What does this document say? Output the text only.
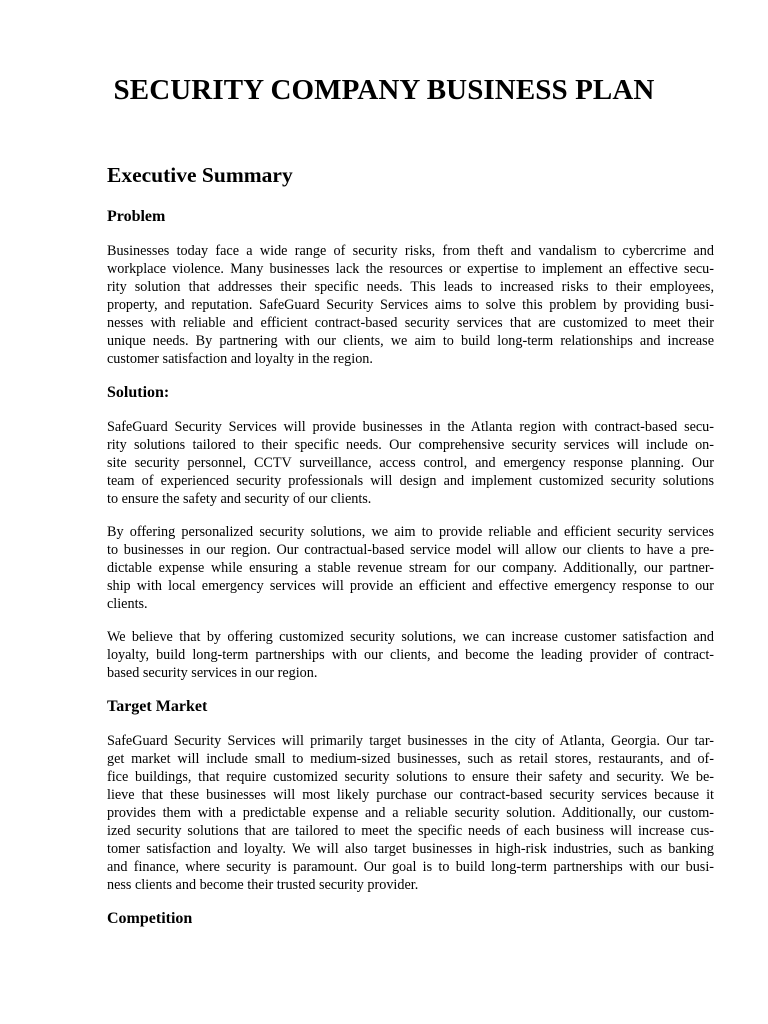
SECURITY COMPANY BUSINESS PLAN
Executive Summary
Problem
Businesses today face a wide range of security risks, from theft and vandalism to cybercrime and
workplace violence. Many businesses lack the resources or expertise to implement an effective secu-
rity solution that addresses their specific needs. This leads to increased risks to their employees,
property, and reputation. SafeGuard Security Services aims to solve this problem by providing busi-
nesses with reliable and efficient contract-based security services that are customized to meet their
unique needs. By partnering with our clients, we aim to build long-term relationships and increase
customer satisfaction and loyalty in the region.
Solution:
SafeGuard Security Services will provide businesses in the Atlanta region with contract-based secu-
rity solutions tailored to their specific needs. Our comprehensive security services will include on-
site security personnel, CCTV surveillance, access control, and emergency response planning. Our
team of experienced security professionals will design and implement customized security solutions
to ensure the safety and security of our clients.
By offering personalized security solutions, we aim to provide reliable and efficient security services
to businesses in our region. Our contractual-based service model will allow our clients to have a pre-
dictable expense while ensuring a stable revenue stream for our company. Additionally, our partner-
ship with local emergency services will provide an efficient and effective emergency response to our
clients.
We believe that by offering customized security solutions, we can increase customer satisfaction and
loyalty, build long-term partnerships with our clients, and become the leading provider of contract-
based security services in our region.
Target Market
SafeGuard Security Services will primarily target businesses in the city of Atlanta, Georgia. Our tar-
get market will include small to medium-sized businesses, such as retail stores, restaurants, and of-
fice buildings, that require customized security solutions to ensure their safety and security. We be-
lieve that these businesses will most likely purchase our contract-based security services because it
provides them with a predictable expense and a reliable security solution. Additionally, our custom-
ized security solutions that are tailored to meet the specific needs of each business will increase cus-
tomer satisfaction and loyalty. We will also target businesses in high-risk industries, such as banking
and finance, where security is paramount. Our goal is to build long-term partnerships with our busi-
ness clients and become their trusted security provider.
Competition
